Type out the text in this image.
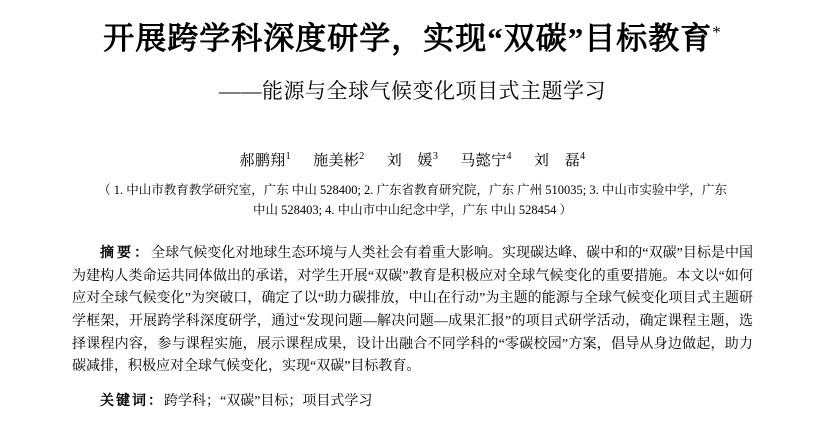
开展跨学科深度研学，实现“双碳”目标教育*
——能源与全球气候变化项目式主题学习
郝鹏翔$^1$ 施美彬$^2$ 刘　媛$^3$ 马懿宁$^4$ 刘　磊$^4$
（ 1. 中山市教育教学研究室，广东 中山 528400; 2. 广东省教育研究院，广东 广州 510035; 3. 中山市实验中学，广东 中山 528403; 4. 中山市中山纪念中学，广东 中山 528454 ）

摘要：全球气候变化对地球生态环境与人类社会有着重大影响。实现碳达峰、碳中和的“双碳”目标是中国为建构人类命运共同体做出的承诺，对学生开展“双碳”教育是积极应对全球气候变化的重要措施。本文以“如何应对全球气候变化”为突破口，确定了以“助力碳排放，中山在行动”为主题的能源与全球气候变化项目式主题研学框架，开展跨学科深度研学，通过“发现问题—解决问题—成果汇报”的项目式研学活动，确定课程主题，选择课程内容，参与课程实施，展示课程成果，设计出融合不同学科的“零碳校园”方案，倡导从身边做起，助力碳减排，积极应对全球气候变化，实现“双碳”目标教育。

关键词：跨学科；“双碳”目标；项目式学习
